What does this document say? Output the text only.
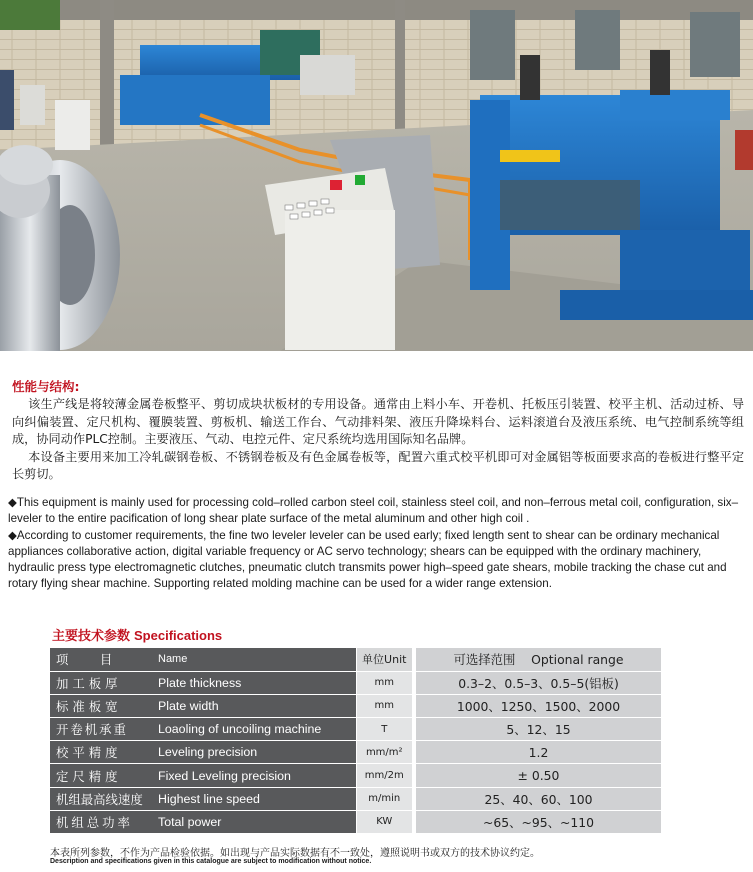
性能与结构:

该生产线是将较薄金属卷板整平、剪切成块状板材的专用设备。通常由上料小车、开卷机、托板压引装置、校平主机、活动过桥、导向纠偏装置、定尺机构、覆膜装置、剪板机、输送工作台、气动排料架、液压升降垛料台、运料滚道台及液压系统、电气控制系统等组成，协同动作PLC控制。主要液压、气动、电控元件、定尺系统均选用国际知名品牌。

本设备主要用来加工冷轧碳钢卷板、不锈钢卷板及有色金属卷板等，配置六重式校平机即可对金属铝等板面要求高的卷板进行整平定长剪切。

◆This equipment is mainly used for processing cold–rolled carbon steel coil, stainless steel coil, and non–ferrous metal coil, configuration, six–leveler to the entire pacification of long shear plate surface of the metal aluminum and other high coil .

◆According to customer requirements, the fine two leveler leveler can be used early; fixed length sent to shear can be ordinary mechanical appliances collaborative action, digital variable frequency or AC servo technology; shears can be equipped with the ordinary machinery, hydraulic press type electromagnetic clutches, pneumatic clutch transmits power high–speed gate shears, mobile tracking the chase cut and rotary flying shear machine. Supporting related molding machine can be used for a wider range extension.

主要技术参数 Specifications
项        目 Name	单位Unit	可选择范围    Optional range

加工板厚 Plate thickness	mm	0.3–2、0.5–3、0.5–5(铝板)

标准板宽 Plate width	mm	1000、1250、1500、2000

开卷机承重 Loaoling of uncoiling machine	T	5、12、15

校平精度 Leveling precision	mm/m²	1.2

定尺精度 Fixed Leveling precision	mm/2m	± 0.50

机组最高线速度 Highest line speed	m/min	25、40、60、100

机组总功率 Total power	KW	~65、~95、~110
本表所列参数，不作为产品检验依据。如出现与产品实际数据有不一致处，遵照说明书或双方的技术协议约定。
Description and specifications given in this catalogue are subject to modification without notice.
